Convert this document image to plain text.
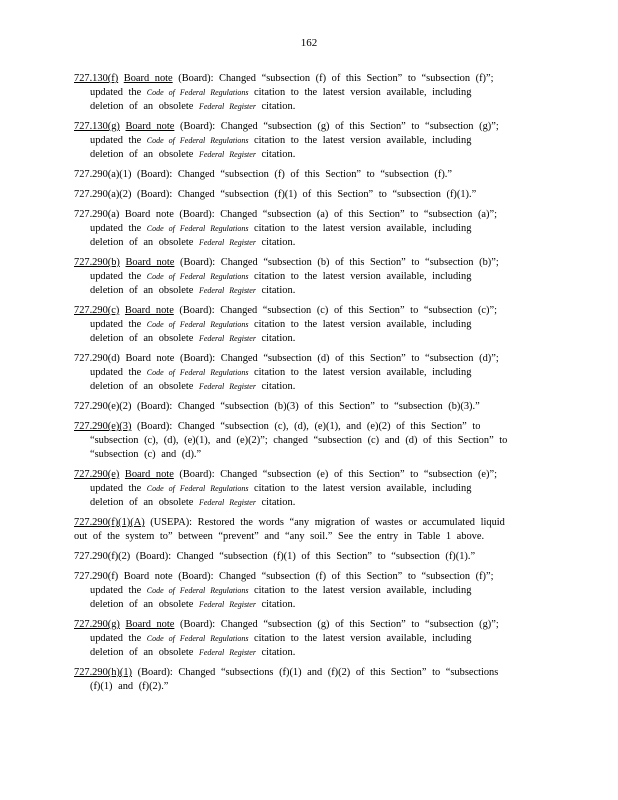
162

727.130(f) Board note (Board): Changed “subsection (f) of this Section” to “subsection (f)”;

updated the Code of Federal Regulations citation to the latest version available, including

deletion of an obsolete Federal Register citation.

727.130(g) Board note (Board): Changed “subsection (g) of this Section” to “subsection (g)”;

updated the Code of Federal Regulations citation to the latest version available, including

deletion of an obsolete Federal Register citation.

727.290(a)(1) (Board): Changed “subsection (f) of this Section” to “subsection (f).”

727.290(a)(2) (Board): Changed “subsection (f)(1) of this Section” to “subsection (f)(1).”

727.290(a) Board note (Board): Changed “subsection (a) of this Section” to “subsection (a)”;

updated the Code of Federal Regulations citation to the latest version available, including

deletion of an obsolete Federal Register citation.

727.290(b) Board note (Board): Changed “subsection (b) of this Section” to “subsection (b)”;

updated the Code of Federal Regulations citation to the latest version available, including

deletion of an obsolete Federal Register citation.

727.290(c) Board note (Board): Changed “subsection (c) of this Section” to “subsection (c)”;

updated the Code of Federal Regulations citation to the latest version available, including

deletion of an obsolete Federal Register citation.

727.290(d) Board note (Board): Changed “subsection (d) of this Section” to “subsection (d)”;

updated the Code of Federal Regulations citation to the latest version available, including

deletion of an obsolete Federal Register citation.

727.290(e)(2) (Board): Changed “subsection (b)(3) of this Section” to “subsection (b)(3).”

727.290(e)(3) (Board): Changed “subsection (c), (d), (e)(1), and (e)(2) of this Section” to

“subsection (c), (d), (e)(1), and (e)(2)”; changed “subsection (c) and (d) of this Section” to

“subsection (c) and (d).”

727.290(e) Board note (Board): Changed “subsection (e) of this Section” to “subsection (e)”;

updated the Code of Federal Regulations citation to the latest version available, including

deletion of an obsolete Federal Register citation.

727.290(f)(1)(A) (USEPA): Restored the words “any migration of wastes or accumulated liquid

out of the system to” between “prevent” and “any soil.” See the entry in Table 1 above.

727.290(f)(2) (Board): Changed “subsection (f)(1) of this Section” to “subsection (f)(1).”

727.290(f) Board note (Board): Changed “subsection (f) of this Section” to “subsection (f)”;

updated the Code of Federal Regulations citation to the latest version available, including

deletion of an obsolete Federal Register citation.

727.290(g) Board note (Board): Changed “subsection (g) of this Section” to “subsection (g)”;

updated the Code of Federal Regulations citation to the latest version available, including

deletion of an obsolete Federal Register citation.

727.290(h)(1) (Board): Changed “subsections (f)(1) and (f)(2) of this Section” to “subsections

(f)(1) and (f)(2).”
